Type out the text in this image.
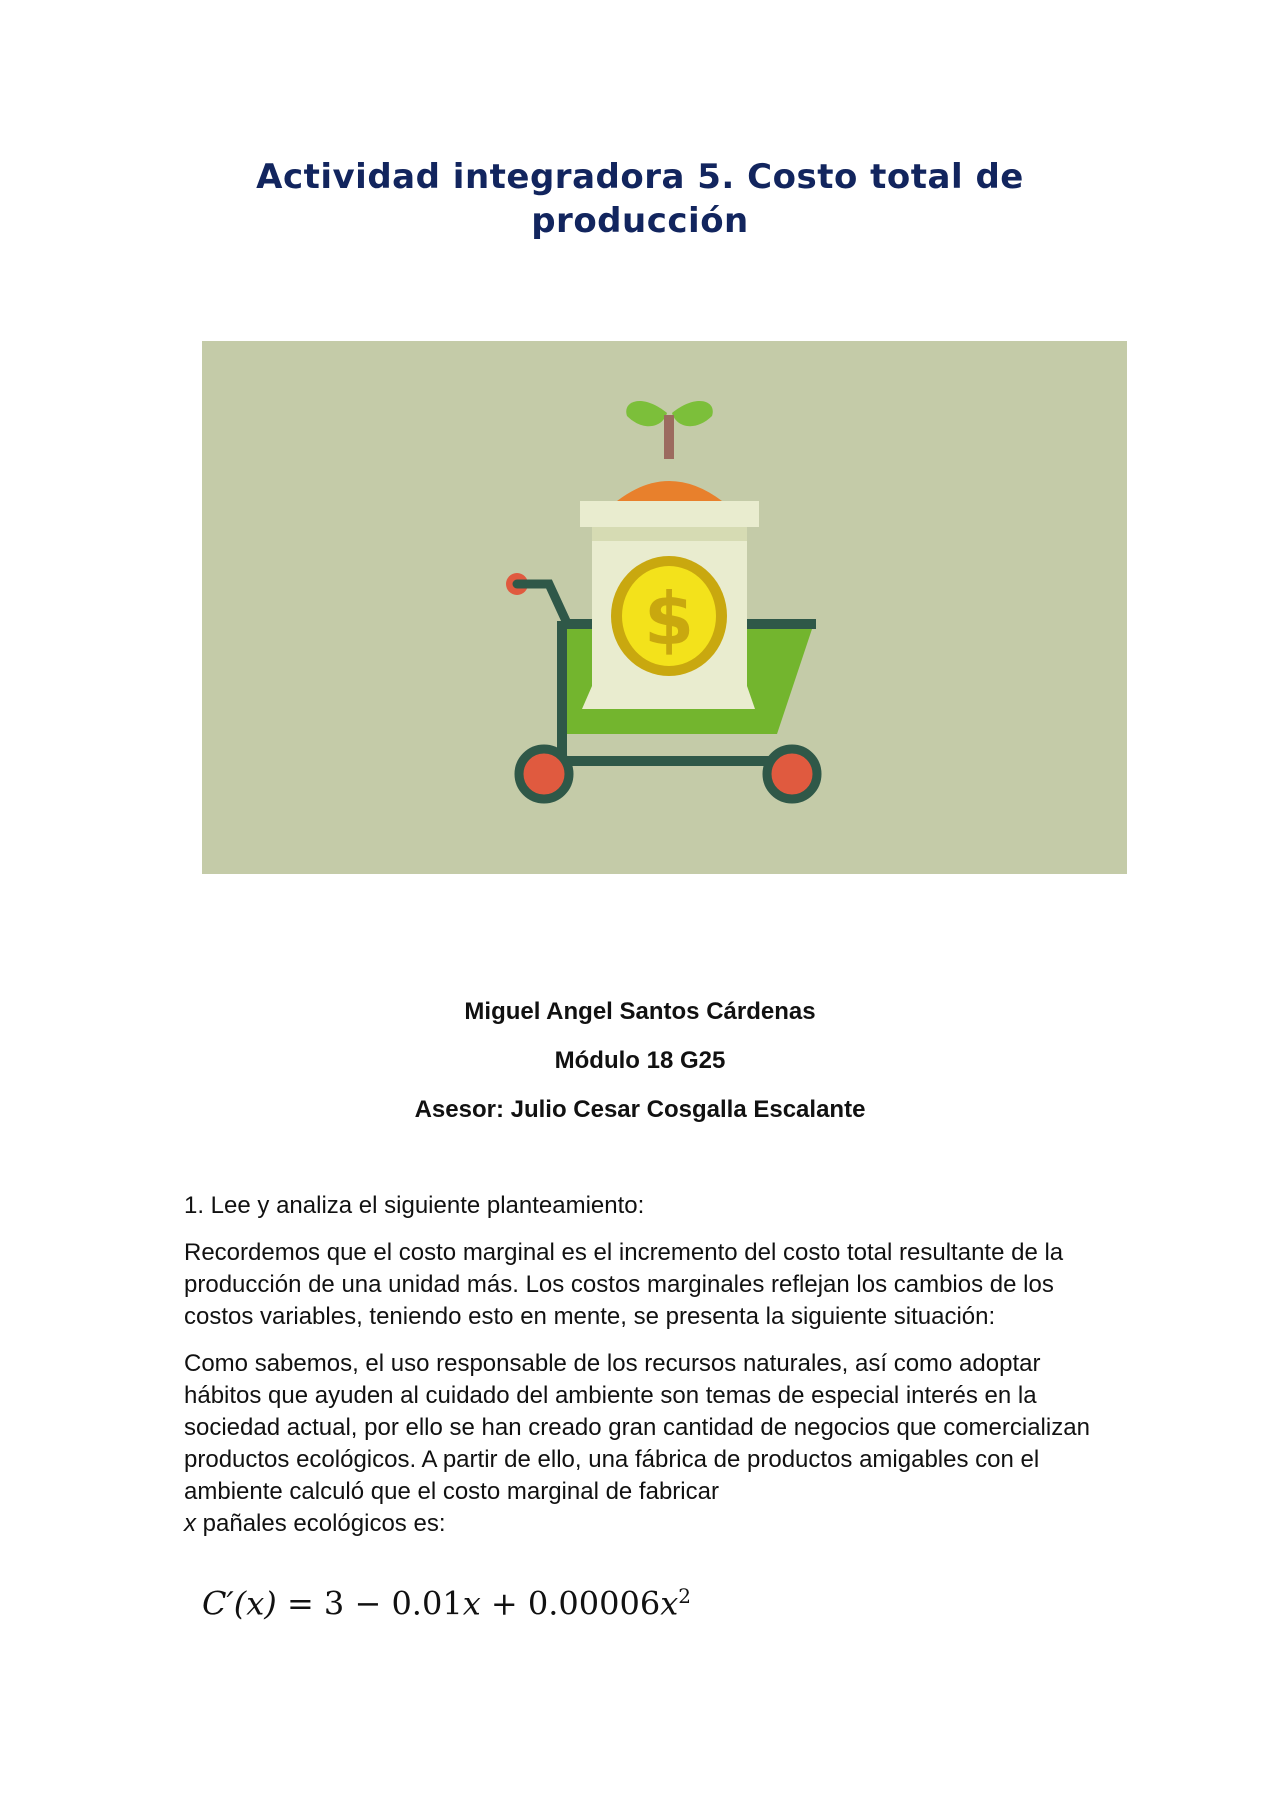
Actividad integradora 5. Costo total de
producción
$
Miguel Angel Santos Cárdenas
Módulo 18 G25
Asesor: Julio Cesar Cosgalla Escalante

1. Lee y analiza el siguiente planteamiento:

Recordemos que el costo marginal es el incremento del costo total resultante de la producción de una unidad más. Los costos marginales reflejan los cambios de los costos variables, teniendo esto en mente, se presenta la siguiente situación:

Como sabemos, el uso responsable de los recursos naturales, así como adoptar hábitos que ayuden al cuidado del ambiente son temas de especial interés en la sociedad actual, por ello se han creado gran cantidad de negocios que comercializan productos ecológicos. A partir de ello, una fábrica de productos amigables con el ambiente calculó que el costo marginal de fabricar
x pañales ecológicos es:

$C'(x) = 3 - 0.01x + 0.00006x^2$
